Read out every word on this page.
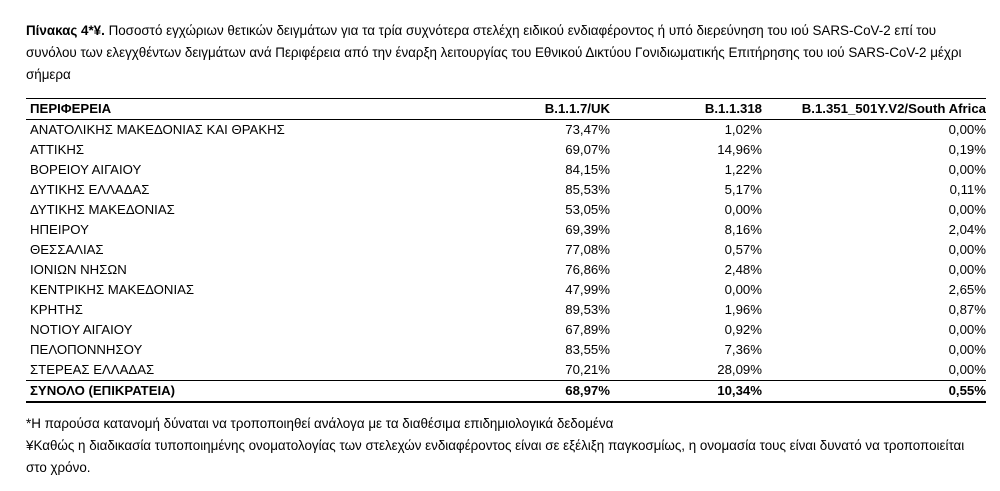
Πίνακας 4*¥. Ποσοστό εγχώριων θετικών δειγμάτων για τα τρία συχνότερα στελέχη ειδικού ενδιαφέροντος ή υπό διερεύνηση του ιού SARS-CoV-2 επί του συνόλου των ελεγχθέντων δειγμάτων ανά Περιφέρεια από την έναρξη λειτουργίας του Εθνικού Δικτύου Γονιδιωματικής Επιτήρησης του ιού SARS-CoV-2 μέχρι σήμερα

ΠΕΡΙΦΕΡΕΙΑ	B.1.1.7/UK	B.1.1.318	B.1.351_501Y.V2/South Africa
ΑΝΑΤΟΛΙΚΗΣ ΜΑΚΕΔΟΝΙΑΣ ΚΑΙ ΘΡΑΚΗΣ	73,47%	1,02%	0,00%
ΑΤΤΙΚΗΣ	69,07%	14,96%	0,19%
ΒΟΡΕΙΟΥ ΑΙΓΑΙΟΥ	84,15%	1,22%	0,00%
ΔΥΤΙΚΗΣ ΕΛΛΑΔΑΣ	85,53%	5,17%	0,11%
ΔΥΤΙΚΗΣ ΜΑΚΕΔΟΝΙΑΣ	53,05%	0,00%	0,00%
ΗΠΕΙΡΟΥ	69,39%	8,16%	2,04%
ΘΕΣΣΑΛΙΑΣ	77,08%	0,57%	0,00%
ΙΟΝΙΩΝ ΝΗΣΩΝ	76,86%	2,48%	0,00%
ΚΕΝΤΡΙΚΗΣ ΜΑΚΕΔΟΝΙΑΣ	47,99%	0,00%	2,65%
ΚΡΗΤΗΣ	89,53%	1,96%	0,87%
ΝΟΤΙΟΥ ΑΙΓΑΙΟΥ	67,89%	0,92%	0,00%
ΠΕΛΟΠΟΝΝΗΣΟΥ	83,55%	7,36%	0,00%
ΣΤΕΡΕΑΣ ΕΛΛΑΔΑΣ	70,21%	28,09%	0,00%
ΣΥΝΟΛΟ (ΕΠΙΚΡΑΤΕΙΑ)	68,97%	10,34%	0,55%

*Η παρούσα κατανομή δύναται να τροποποιηθεί ανάλογα με τα διαθέσιμα επιδημιολογικά δεδομένα

¥Καθώς η διαδικασία τυποποιημένης ονοματολογίας των στελεχών ενδιαφέροντος είναι σε εξέλιξη παγκοσμίως, η ονομασία τους είναι δυνατό να τροποποιείται στο χρόνο.
